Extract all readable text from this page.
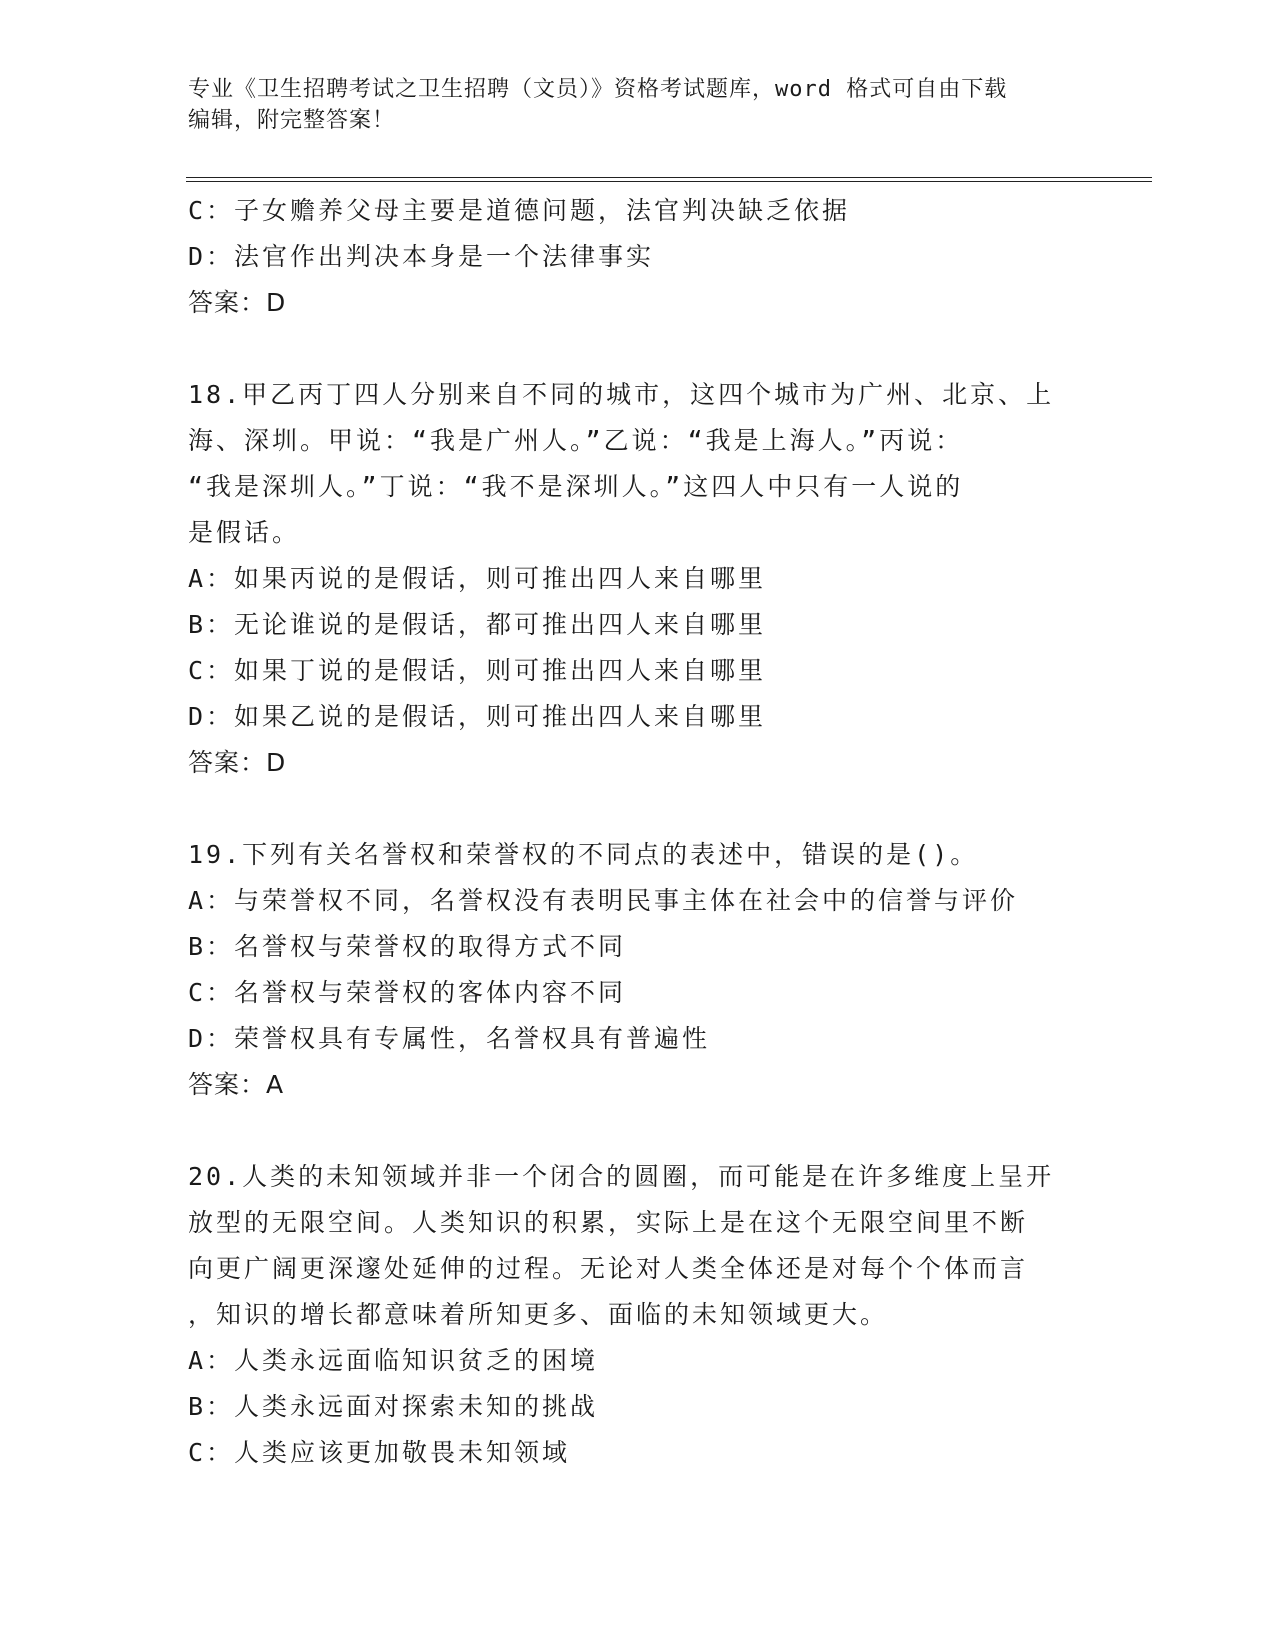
专业《卫生招聘考试之卫生招聘（文员）》资格考试题库，word 格式可自由下载
编辑，附完整答案！
C：子女赡养父母主要是道德问题，法官判决缺乏依据
D：法官作出判决本身是一个法律事实
答案：D
18.甲乙丙丁四人分别来自不同的城市，这四个城市为广州、北京、上
海、深圳。甲说：“我是广州人。”乙说：“我是上海人。”丙说：
“我是深圳人。”丁说：“我不是深圳人。”这四人中只有一人说的
是假话。
A：如果丙说的是假话，则可推出四人来自哪里
B：无论谁说的是假话，都可推出四人来自哪里
C：如果丁说的是假话，则可推出四人来自哪里
D：如果乙说的是假话，则可推出四人来自哪里
答案：D
19.下列有关名誉权和荣誉权的不同点的表述中，错误的是()。
A：与荣誉权不同，名誉权没有表明民事主体在社会中的信誉与评价
B：名誉权与荣誉权的取得方式不同
C：名誉权与荣誉权的客体内容不同
D：荣誉权具有专属性，名誉权具有普遍性
答案：A
20.人类的未知领域并非一个闭合的圆圈，而可能是在许多维度上呈开
放型的无限空间。人类知识的积累，实际上是在这个无限空间里不断
向更广阔更深邃处延伸的过程。无论对人类全体还是对每个个体而言
，知识的增长都意味着所知更多、面临的未知领域更大。
A：人类永远面临知识贫乏的困境
B：人类永远面对探索未知的挑战
C：人类应该更加敬畏未知领域
